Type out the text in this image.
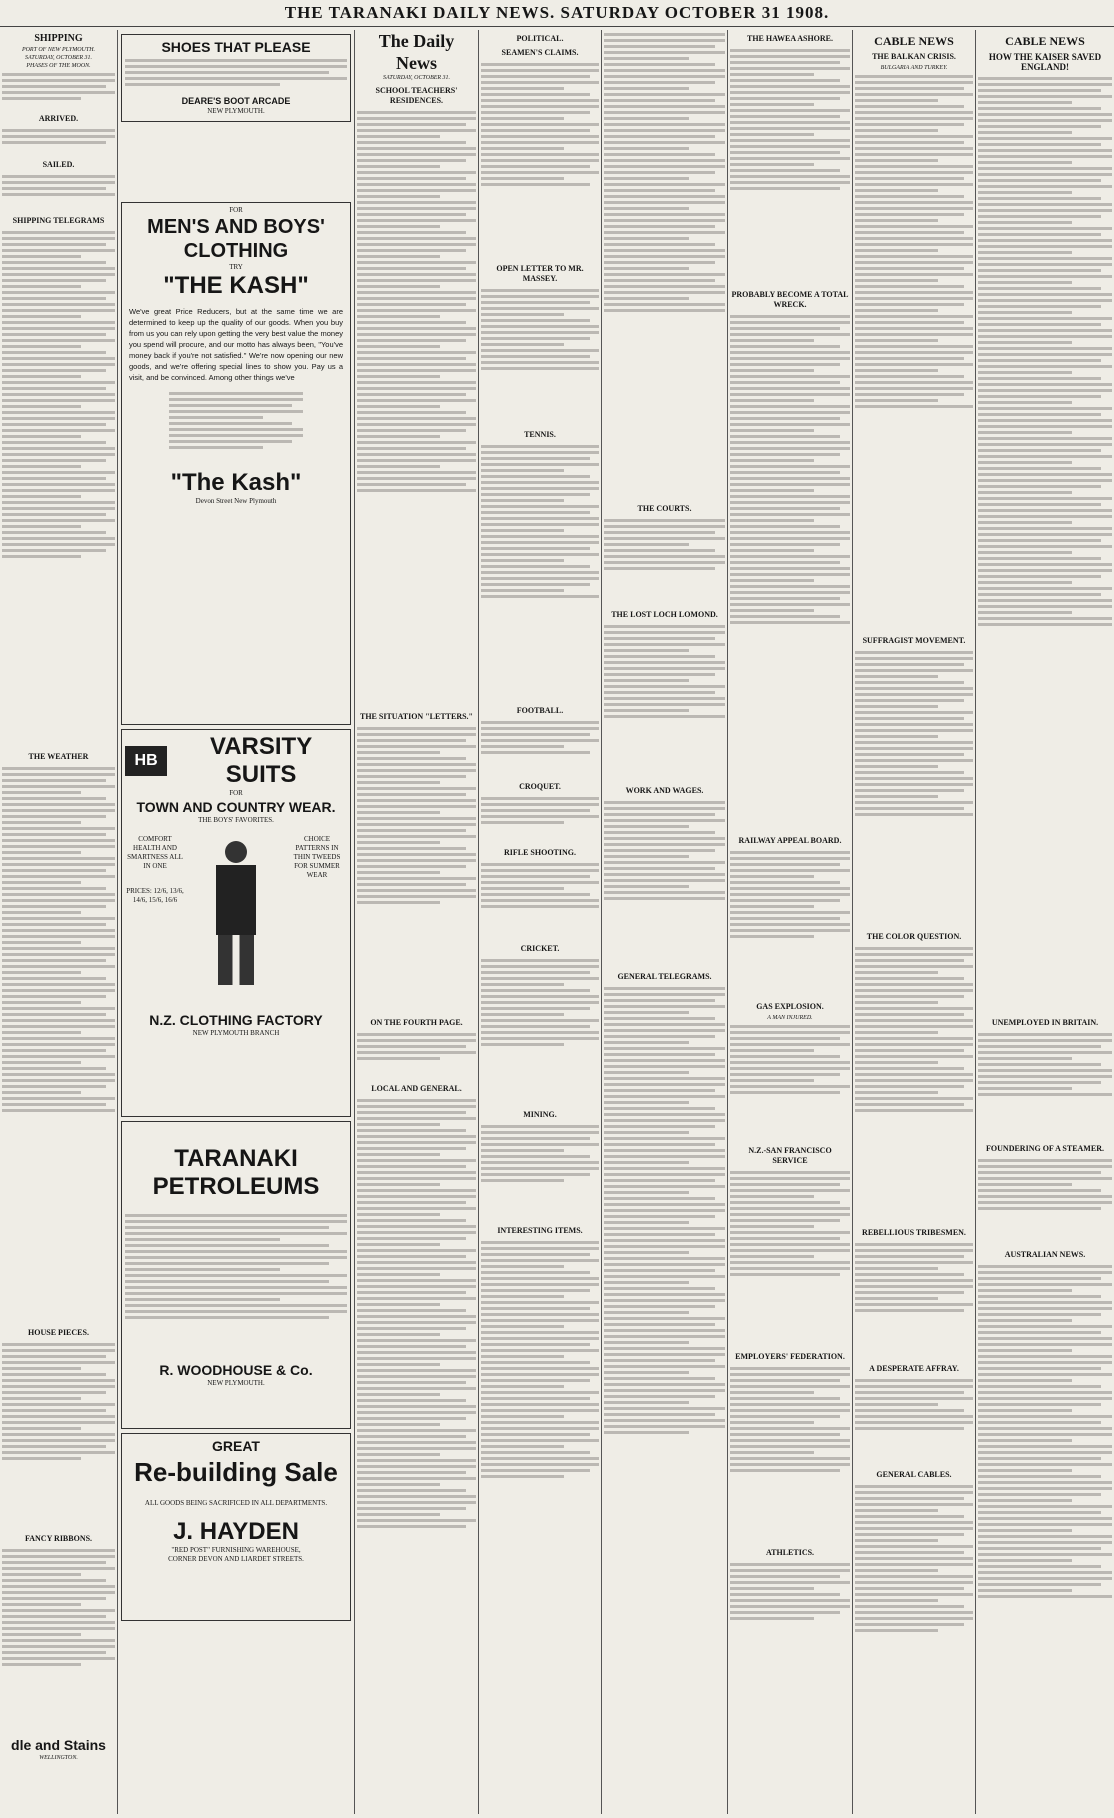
THE TARANAKI DAILY NEWS. SATURDAY OCTOBER 31 1908.
SHIPPING
PORT OF NEW PLYMOUTH.
SATURDAY, OCTOBER 31.
PHASES OF THE MOON.
ARRIVED.
SAILED.
SHIPPING TELEGRAMS
THE WEATHER
HOUSE PIECES.
FANCY RIBBONS.
dle and Stains
WELLINGTON.
SHOES THAT PLEASE
DEARE'S BOOT ARCADE
NEW PLYMOUTH.
FOR
MEN'S AND BOYS' CLOTHING
TRY
"THE KASH"
We've great Price Reducers, but at the same time we are determined to keep up the quality of our goods. When you buy from us you can rely upon getting the very best value the money you spend will procure, and our motto has always been, "You've money back if you're not satisfied." We're now opening our new goods, and we're offering special lines to show you. Pay us a visit, and be convinced. Among other things we've
"The Kash"
Devon Street New Plymouth
HB
VARSITY SUITS
FOR
TOWN AND COUNTRY WEAR.
THE BOYS' FAVORITES.
COMFORT HEALTH AND SMARTNESS ALL IN ONE
PRICES: 12/6, 13/6, 14/6, 15/6, 16/6
CHOICE PATTERNS IN THIN TWEEDS FOR SUMMER WEAR
N.Z. CLOTHING FACTORY
NEW PLYMOUTH BRANCH
TARANAKI
PETROLEUMS
R. WOODHOUSE & Co.
NEW PLYMOUTH.
GREAT
Re-building Sale
ALL GOODS BEING SACRIFICED IN ALL DEPARTMENTS.
J. HAYDEN
"RED POST" FURNISHING WAREHOUSE,
CORNER DEVON AND LIARDET STREETS.
The Daily News
SATURDAY, OCTOBER 31.
SCHOOL TEACHERS' RESIDENCES.
THE SITUATION "LETTERS."
ON THE FOURTH PAGE.
LOCAL AND GENERAL.
POLITICAL.
SEAMEN'S CLAIMS.
OPEN LETTER TO MR. MASSEY.
TENNIS.
FOOTBALL.
CROQUET.
RIFLE SHOOTING.
CRICKET.
MINING.
INTERESTING ITEMS.
THE COURTS.
THE LOST LOCH LOMOND.
WORK AND WAGES.
GENERAL TELEGRAMS.
THE HAWEA ASHORE.
PROBABLY BECOME A TOTAL WRECK.
RAILWAY APPEAL BOARD.
GAS EXPLOSION.
A MAN INJURED.
N.Z.-SAN FRANCISCO SERVICE
EMPLOYERS' FEDERATION.
ATHLETICS.
CABLE NEWS
THE BALKAN CRISIS.
BULGARIA AND TURKEY.
SUFFRAGIST MOVEMENT.
THE COLOR QUESTION.
REBELLIOUS TRIBESMEN.
A DESPERATE AFFRAY.
GENERAL CABLES.
CABLE NEWS
HOW THE KAISER SAVED ENGLAND!
UNEMPLOYED IN BRITAIN.
FOUNDERING OF A STEAMER.
AUSTRALIAN NEWS.
